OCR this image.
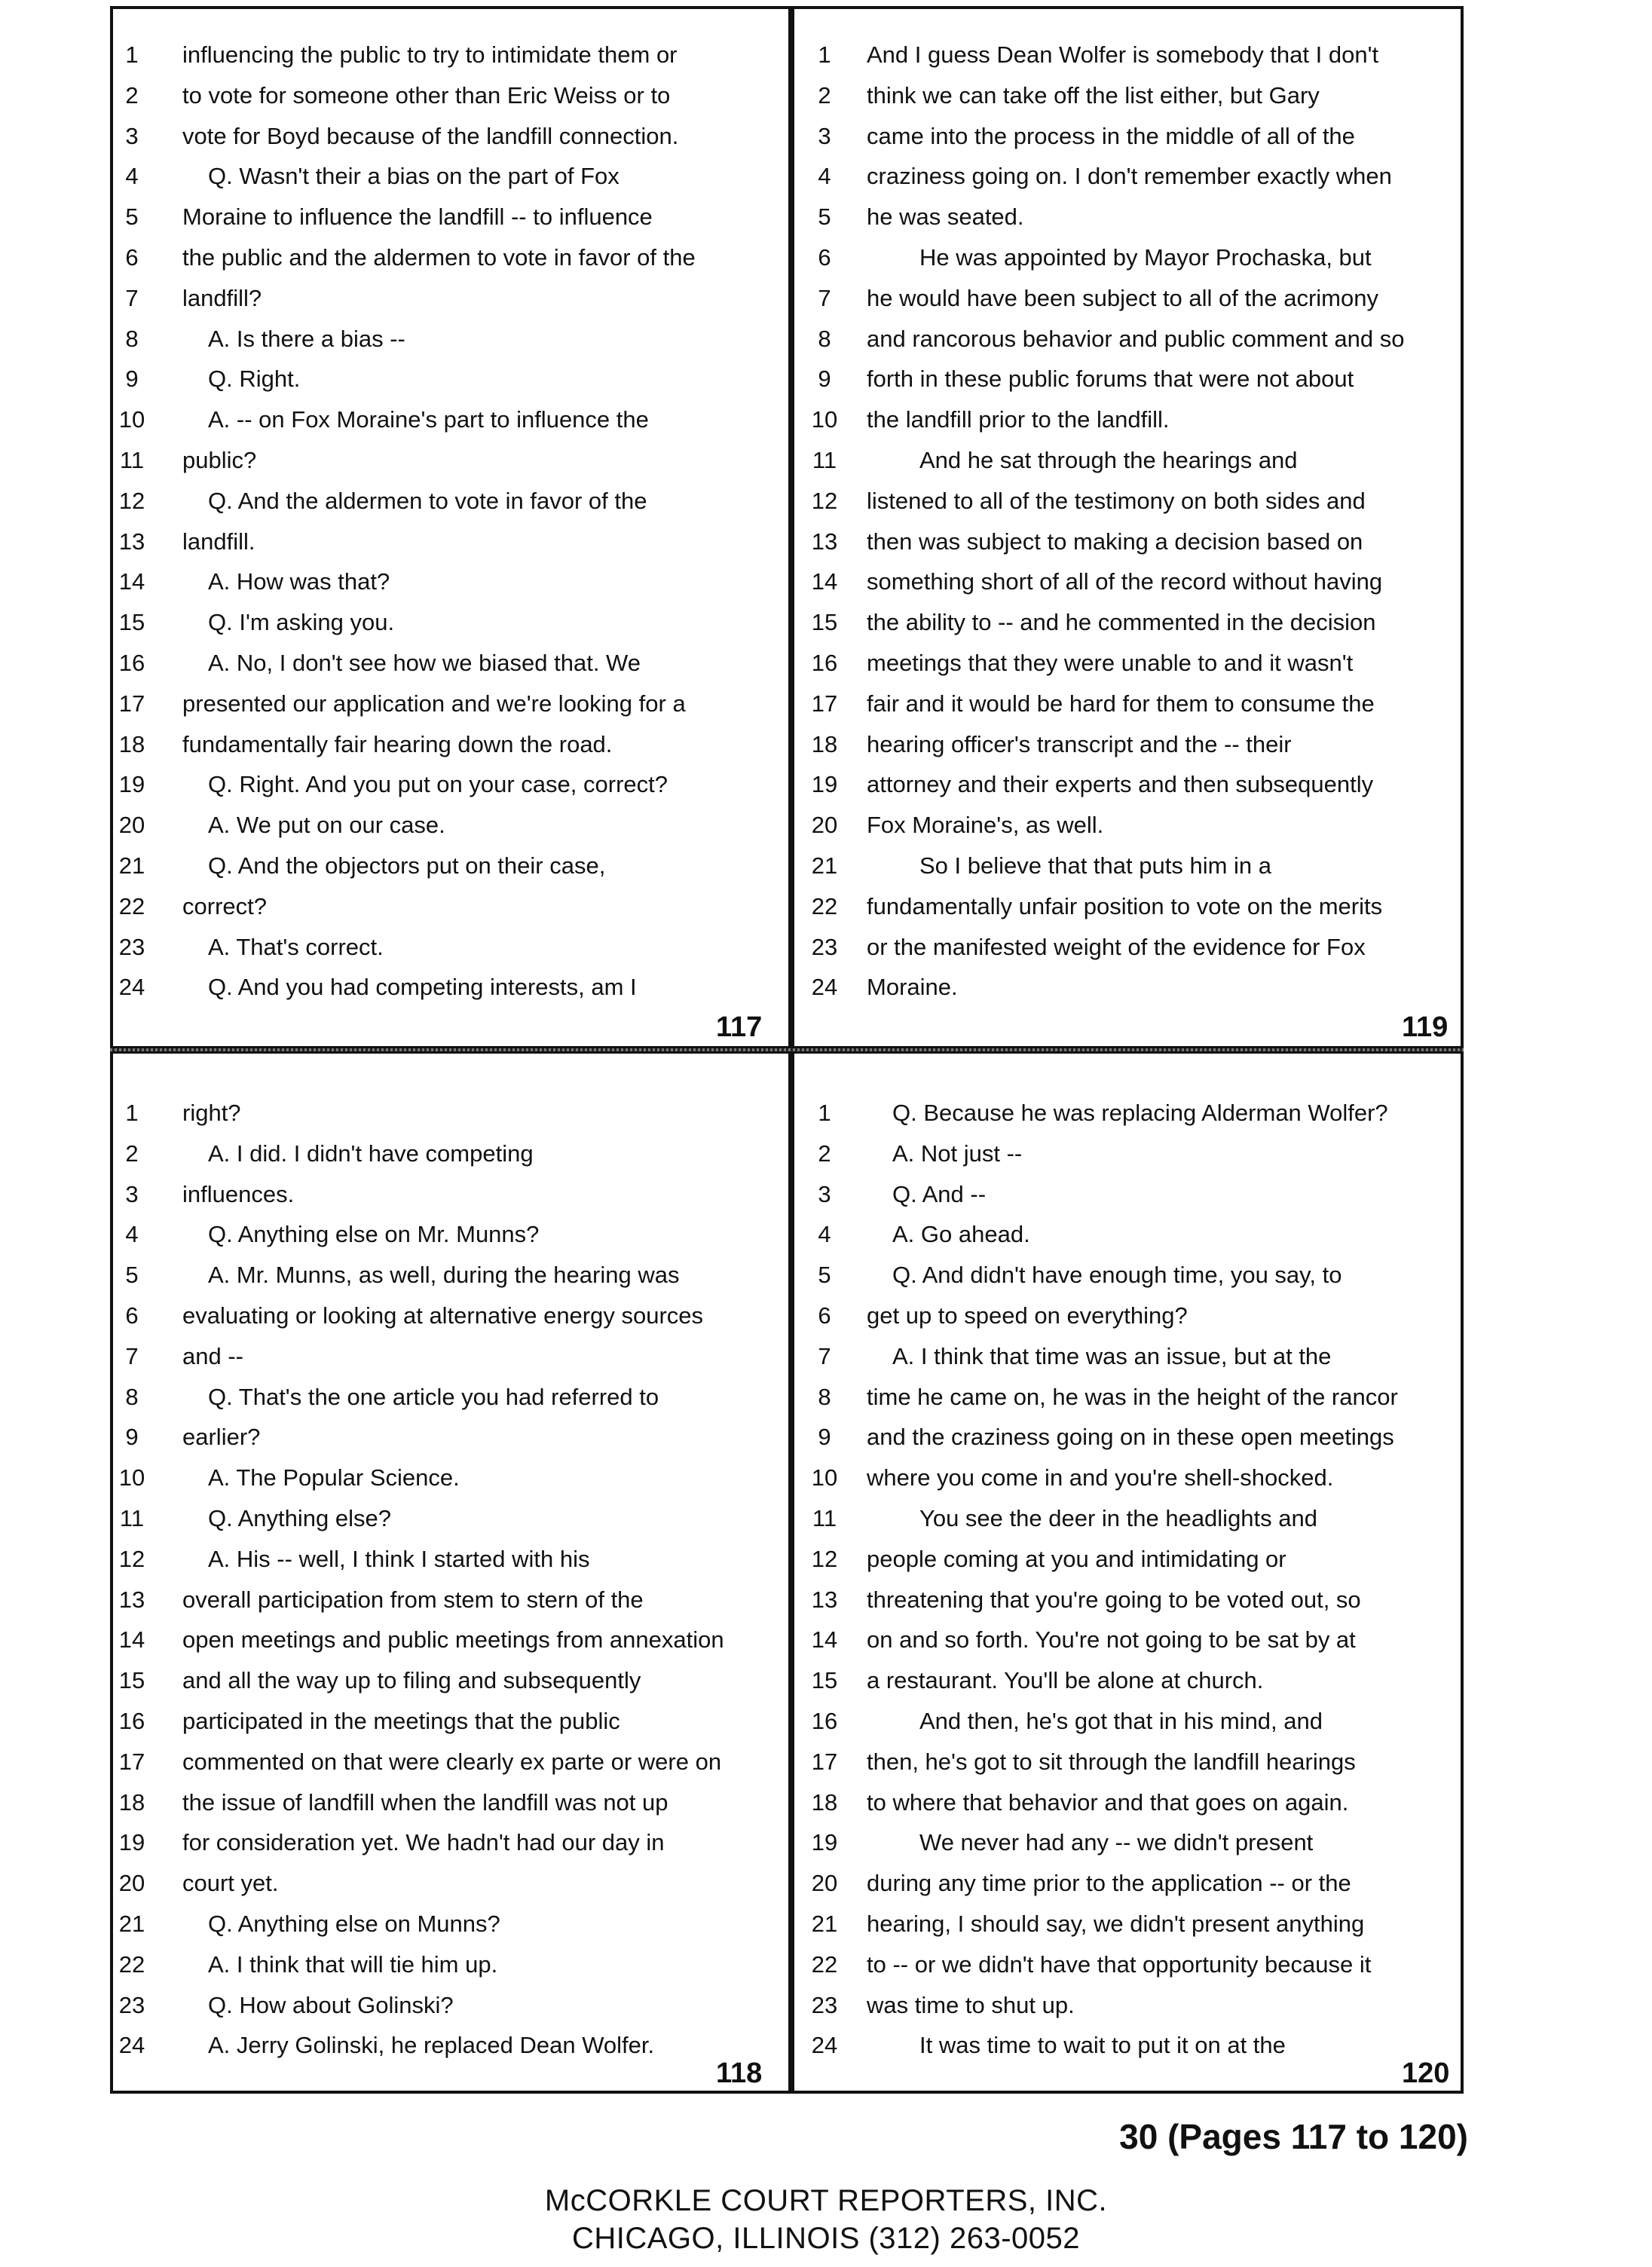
1	influencing the public to try to intimidate them or
2	to vote for someone other than Eric Weiss or to
3	vote for Boyd because of the landfill connection.
4	Q. Wasn't their a bias on the part of Fox
5	Moraine to influence the landfill -- to influence
6	the public and the aldermen to vote in favor of the
7	landfill?
8	A. Is there a bias --
9	Q. Right.
10	A. -- on Fox Moraine's part to influence the
11	public?
12	Q. And the aldermen to vote in favor of the
13	landfill.
14	A. How was that?
15	Q. I'm asking you.
16	A. No, I don't see how we biased that. We
17	presented our application and we're looking for a
18	fundamentally fair hearing down the road.
19	Q. Right. And you put on your case, correct?
20	A. We put on our case.
21	Q. And the objectors put on their case,
22	correct?
23	A. That's correct.
24	Q. And you had competing interests, am I
1	And I guess Dean Wolfer is somebody that I don't
2	think we can take off the list either, but Gary
3	came into the process in the middle of all of the
4	craziness going on. I don't remember exactly when
5	he was seated.
6	He was appointed by Mayor Prochaska, but
7	he would have been subject to all of the acrimony
8	and rancorous behavior and public comment and so
9	forth in these public forums that were not about
10	the landfill prior to the landfill.
11	And he sat through the hearings and
12	listened to all of the testimony on both sides and
13	then was subject to making a decision based on
14	something short of all of the record without having
15	the ability to -- and he commented in the decision
16	meetings that they were unable to and it wasn't
17	fair and it would be hard for them to consume the
18	hearing officer's transcript and the -- their
19	attorney and their experts and then subsequently
20	Fox Moraine's, as well.
21	So I believe that that puts him in a
22	fundamentally unfair position to vote on the merits
23	or the manifested weight of the evidence for Fox
24	Moraine.
1	right?
2	A. I did. I didn't have competing
3	influences.
4	Q. Anything else on Mr. Munns?
5	A. Mr. Munns, as well, during the hearing was
6	evaluating or looking at alternative energy sources
7	and --
8	Q. That's the one article you had referred to
9	earlier?
10	A. The Popular Science.
11	Q. Anything else?
12	A. His -- well, I think I started with his
13	overall participation from stem to stern of the
14	open meetings and public meetings from annexation
15	and all the way up to filing and subsequently
16	participated in the meetings that the public
17	commented on that were clearly ex parte or were on
18	the issue of landfill when the landfill was not up
19	for consideration yet. We hadn't had our day in
20	court yet.
21	Q. Anything else on Munns?
22	A. I think that will tie him up.
23	Q. How about Golinski?
24	A. Jerry Golinski, he replaced Dean Wolfer.
1	Q. Because he was replacing Alderman Wolfer?
2	A. Not just --
3	Q. And --
4	A. Go ahead.
5	Q. And didn't have enough time, you say, to
6	get up to speed on everything?
7	A. I think that time was an issue, but at the
8	time he came on, he was in the height of the rancor
9	and the craziness going on in these open meetings
10	where you come in and you're shell-shocked.
11	You see the deer in the headlights and
12	people coming at you and intimidating or
13	threatening that you're going to be voted out, so
14	on and so forth. You're not going to be sat by at
15	a restaurant. You'll be alone at church.
16	And then, he's got that in his mind, and
17	then, he's got to sit through the landfill hearings
18	to where that behavior and that goes on again.
19	We never had any -- we didn't present
20	during any time prior to the application -- or the
21	hearing, I should say, we didn't present anything
22	to -- or we didn't have that opportunity because it
23	was time to shut up.
24	It was time to wait to put it on at the
117	119
118	120
30 (Pages 117 to 120)
McCORKLE COURT REPORTERS, INC.
CHICAGO, ILLINOIS (312) 263-0052
